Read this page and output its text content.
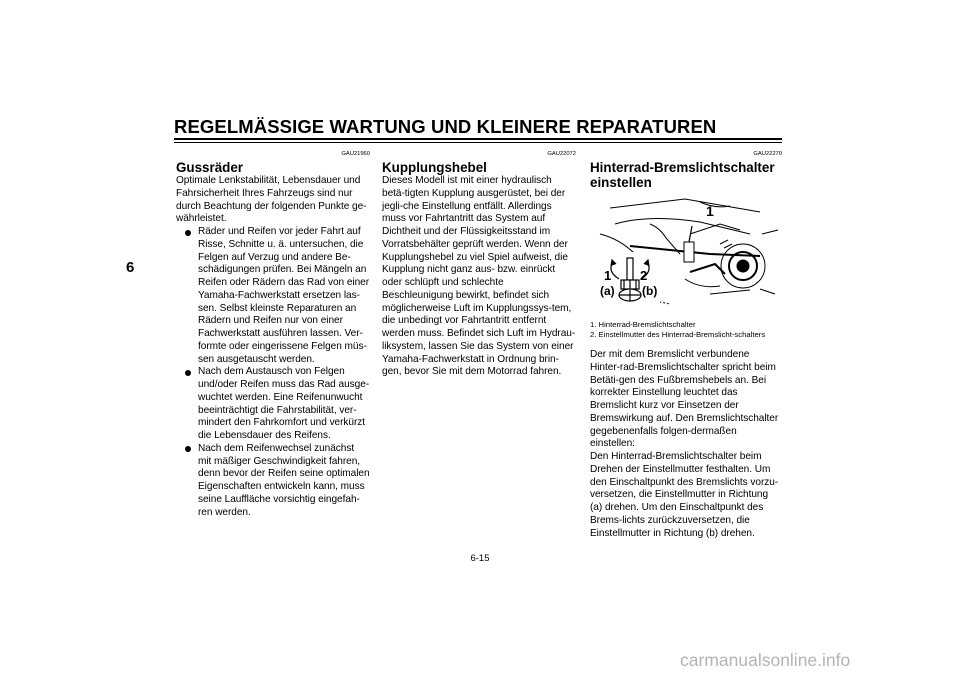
REGELMÄSSIGE WARTUNG UND KLEINERE REPARATUREN
6
GAU21960
Gussräder
Optimale Lenkstabilität, Lebensdauer und Fahrsicherheit Ihres Fahrzeugs sind nur durch Beachtung der folgenden Punkte ge-währleistet.
Räder und Reifen vor jeder Fahrt auf Risse, Schnitte u. ä. untersuchen, die Felgen auf Verzug und andere Be-schädigungen prüfen. Bei Mängeln an Reifen oder Rädern das Rad von einer Yamaha-Fachwerkstatt ersetzen las-sen. Selbst kleinste Reparaturen an Rädern und Reifen nur von einer Fachwerkstatt ausführen lassen. Ver-formte oder eingerissene Felgen müs-sen ausgetauscht werden.
Nach dem Austausch von Felgen und/oder Reifen muss das Rad ausge-wuchtet werden. Eine Reifenunwucht beeinträchtigt die Fahrstabilität, ver-mindert den Fahrkomfort und verkürzt die Lebensdauer des Reifens.
Nach dem Reifenwechsel zunächst mit mäßiger Geschwindigkeit fahren, denn bevor der Reifen seine optimalen Eigenschaften entwickeln kann, muss seine Lauffläche vorsichtig eingefah-ren werden.
GAU22072
Kupplungshebel
Dieses Modell ist mit einer hydraulisch betä-tigten Kupplung ausgerüstet, bei der jegli-che Einstellung entfällt. Allerdings muss vor Fahrtantritt das System auf Dichtheit und der Flüssigkeitsstand im Vorratsbehälter geprüft werden. Wenn der Kupplungshebel zu viel Spiel aufweist, die Kupplung nicht ganz aus- bzw. einrückt oder schlüpft und schlechte Beschleunigung bewirkt, befindet sich möglicherweise Luft im Kupplungssys-tem, die unbedingt vor Fahrtantritt entfernt werden muss. Befindet sich Luft im Hydrau-liksystem, lassen Sie das System von einer Yamaha-Fachwerkstatt in Ordnung brin-gen, bevor Sie mit dem Motorrad fahren.
GAU22270
Hinterrad-Bremslichtschalter einstellen
1
1 2
(a) (b)
1. Hinterrad-Bremslichtschalter
2. Einstellmutter des Hinterrad-Bremslicht-schalters
Der mit dem Bremslicht verbundene Hinter-rad-Bremslichtschalter spricht beim Betäti-gen des Fußbremshebels an. Bei korrekter Einstellung leuchtet das Bremslicht kurz vor Einsetzen der Bremswirkung auf. Den Bremslichtschalter gegebenenfalls folgen-dermaßen einstellen:
Den Hinterrad-Bremslichtschalter beim Drehen der Einstellmutter festhalten. Um den Einschaltpunkt des Bremslichts vorzu-versetzen, die Einstellmutter in Richtung (a) drehen. Um den Einschaltpunkt des Brems-lichts zurückzuversetzen, die Einstellmutter in Richtung (b) drehen.
6-15
carmanualsonline.info
